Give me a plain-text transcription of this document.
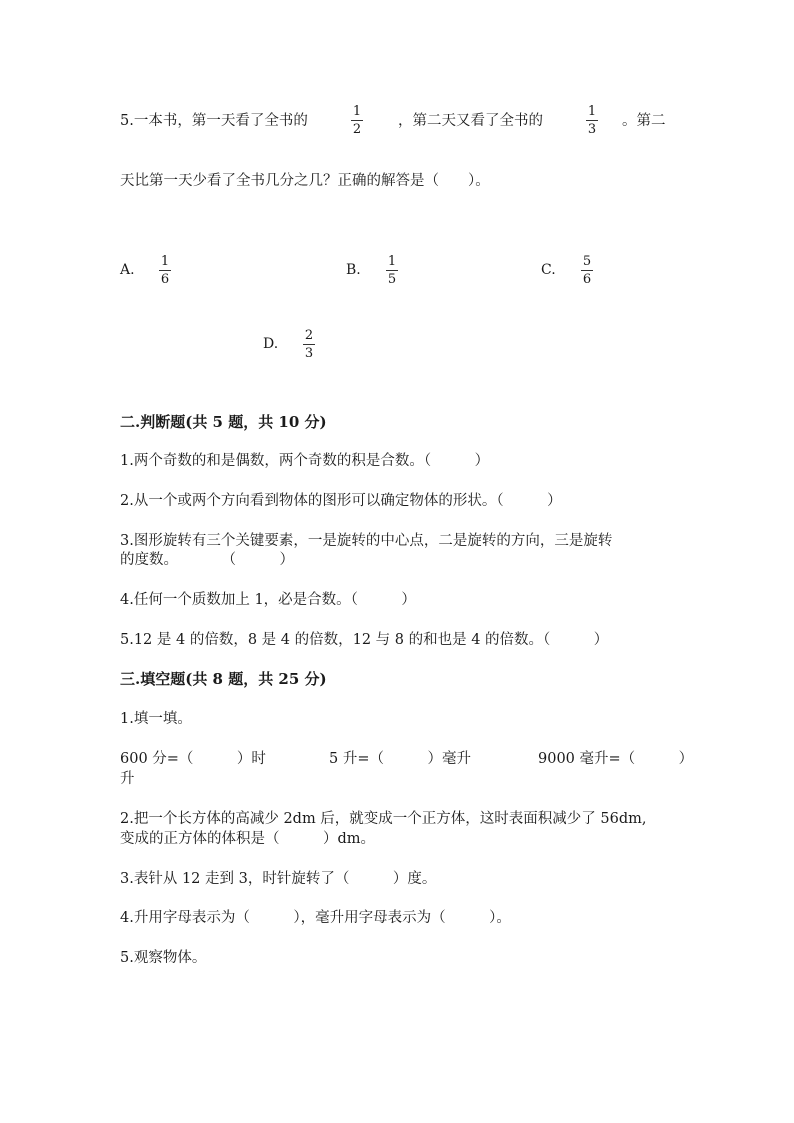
5.一本书，第一天看了全书的
1
2
，第二天又看了全书的
1
3
。第二
天比第一天少看了全书几分之几？正确的解答是（　　）。
A.
1
6
B.
1
5
C.
5
6
D.
2
3
二.判断题(共 5 题，共 10 分)
1.两个奇数的和是偶数，两个奇数的积是合数。（　　　）
2.从一个或两个方向看到物体的图形可以确定物体的形状。（　　　）
3.图形旋转有三个关键要素，一是旋转的中心点，二是旋转的方向，三是旋转
的度数。　　　　（　　　）
4.任何一个质数加上 1，必是合数。（　　　）
5.12 是 4 的倍数，8 是 4 的倍数，12 与 8 的和也是 4 的倍数。（　　　）
三.填空题(共 8 题，共 25 分)
1.填一填。
600 分=（　　　）时	5 升=（　　　）毫升	9000 毫升=（　　　）
升
2.把一个长方体的高减少 2dm 后，就变成一个正方体，这时表面积减少了 56dm,
变成的正方体的体积是（　　　）dm。
3.表针从 12 走到 3，时针旋转了（　　　）度。
4.升用字母表示为（　　　），毫升用字母表示为（　　　）。
5.观察物体。
